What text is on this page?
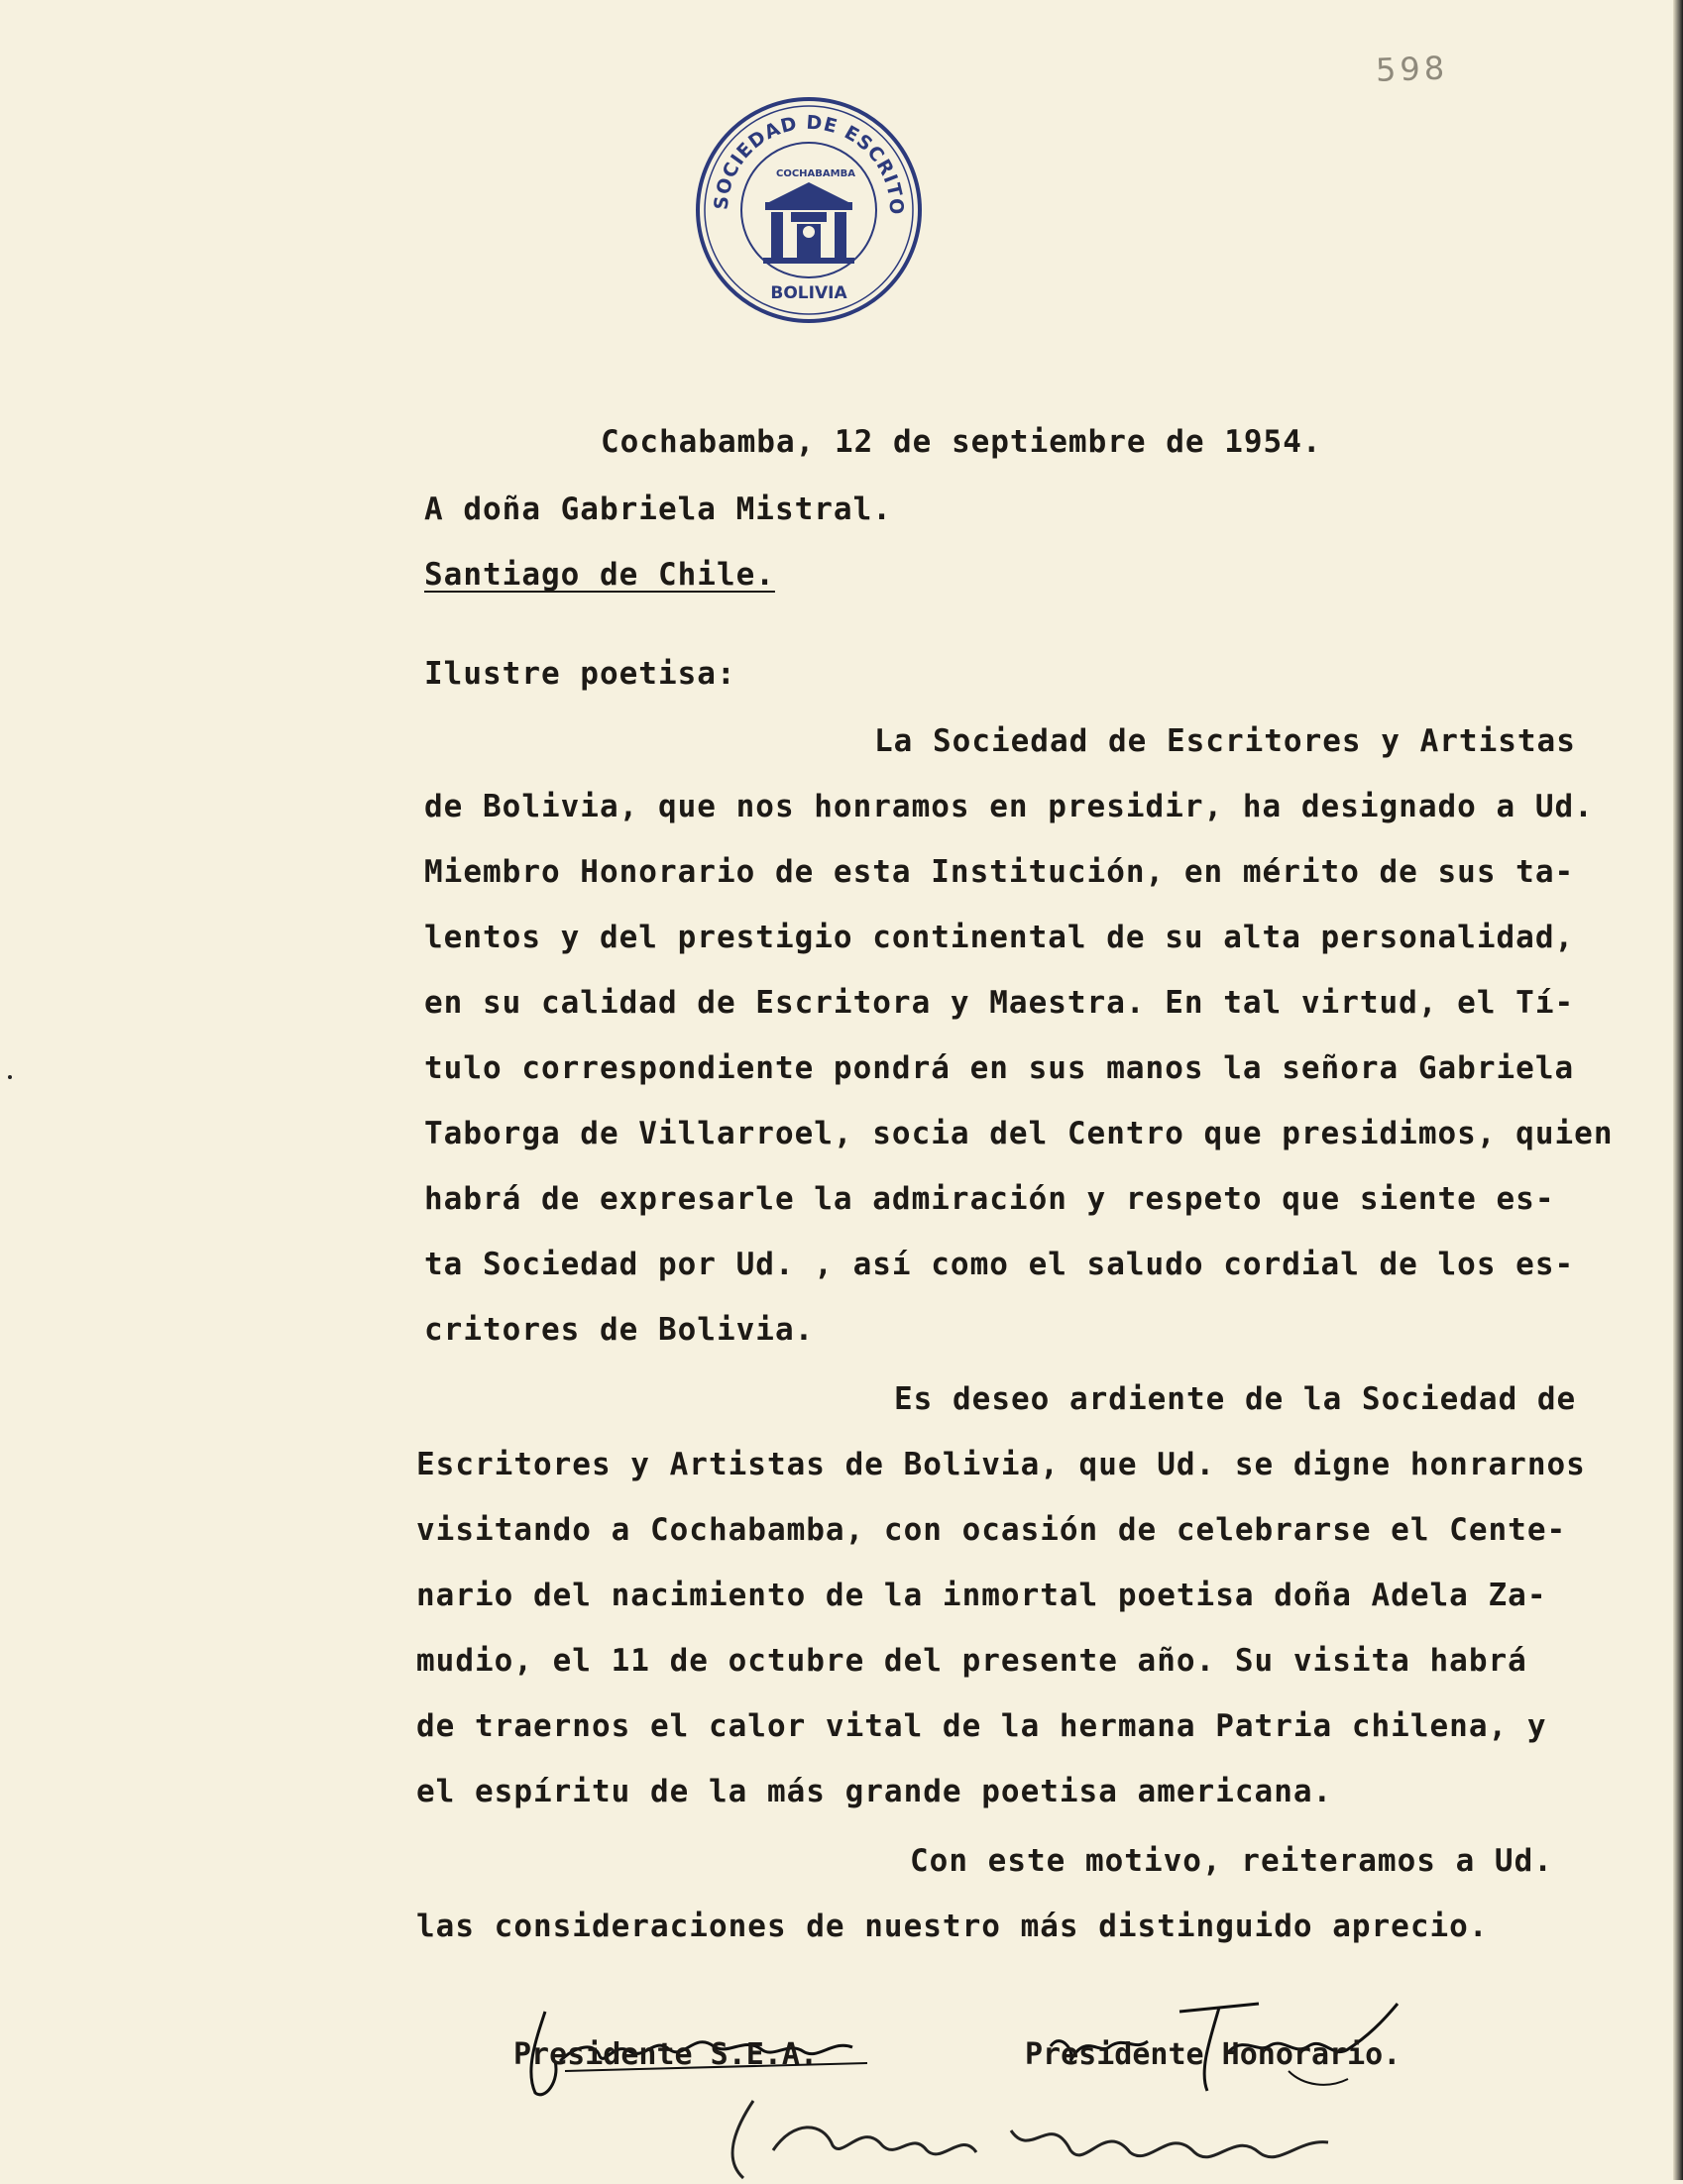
598
SOCIEDAD DE ESCRITO
COCHABAMBA
BOLIVIA
Cochabamba, 12 de septiembre de 1954.
A doña Gabriela Mistral.
Santiago de Chile.
Ilustre poetisa:
La Sociedad de Escritores y Artistas
de Bolivia, que nos honramos en presidir, ha designado a Ud.
Miembro Honorario de esta Institución, en mérito de sus ta-
lentos y del prestigio continental de su alta personalidad,
en su calidad de Escritora y Maestra. En tal virtud, el Tí-
tulo correspondiente pondrá en sus manos la señora Gabriela
Taborga de Villarroel, socia del Centro que presidimos, quien
habrá de expresarle la admiración y respeto que siente es-
ta Sociedad por Ud. , así como el saludo cordial de los es-
critores de Bolivia.
Es deseo ardiente de la Sociedad de
Escritores y Artistas de Bolivia, que Ud. se digne honrarnos
visitando a Cochabamba, con ocasión de celebrarse el Cente-
nario del nacimiento de la inmortal poetisa doña Adela Za-
mudio, el 11 de octubre del presente año. Su visita habrá
de traernos el calor vital de la hermana Patria chilena, y
el espíritu de la más grande poetisa americana.
Con este motivo, reiteramos a Ud.
las consideraciones de nuestro más distinguido aprecio.
Presidente S.E.A.	Presidente Honorario.
